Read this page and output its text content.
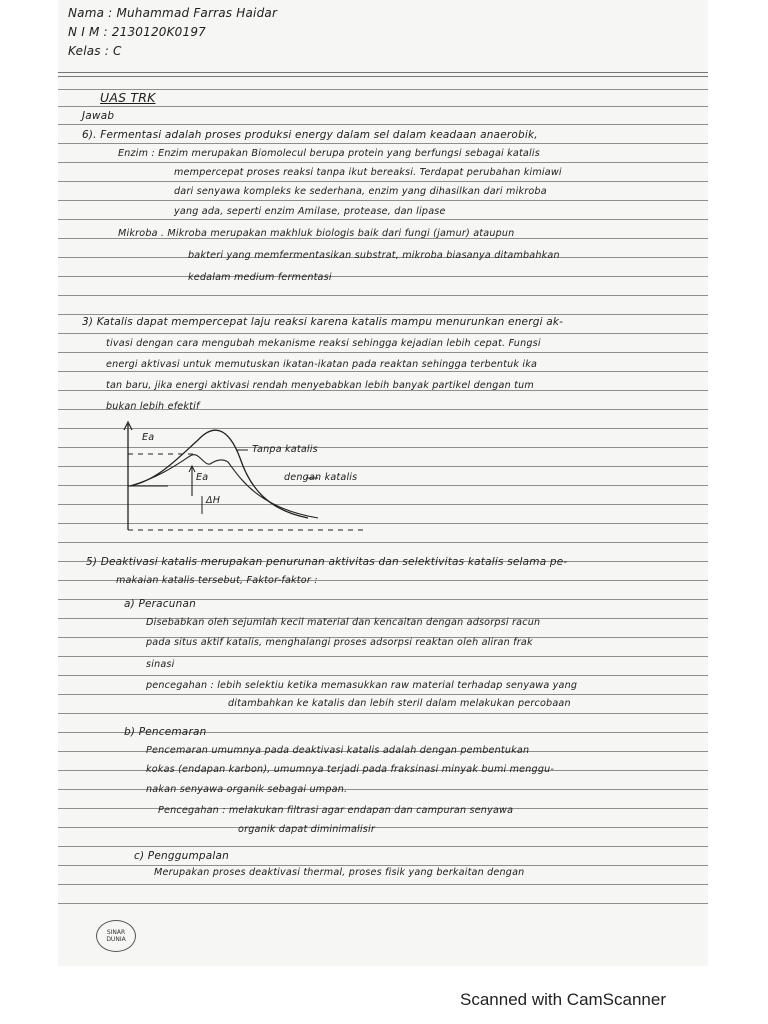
Nama : Muhammad Farras Haidar
N I M : 2130120K0197
Kelas : C
UAS TRK
Jawab
6). Fermentasi adalah proses produksi energy dalam sel dalam keadaan anaerobik,
Enzim : Enzim merupakan Biomolecul berupa protein yang berfungsi sebagai katalis
mempercepat proses reaksi tanpa ikut bereaksi. Terdapat perubahan kimiawi
dari senyawa kompleks ke sederhana, enzim yang dihasilkan dari mikroba
yang ada, seperti enzim Amilase, protease, dan lipase
Mikroba . Mikroba merupakan makhluk biologis baik dari fungi (jamur) ataupun
bakteri yang memfermentasikan substrat, mikroba biasanya ditambahkan
kedalam medium fermentasi
3) Katalis dapat mempercepat laju reaksi karena katalis mampu menurunkan energi ak-
tivasi dengan cara mengubah mekanisme reaksi sehingga kejadian lebih cepat. Fungsi
energi aktivasi untuk memutuskan ikatan-ikatan pada reaktan sehingga terbentuk ika
tan baru, jika energi aktivasi rendah menyebabkan lebih banyak partikel dengan tum
bukan lebih efektif
Ea
Ea
ΔH
Tanpa katalis
dengan katalis
5) Deaktivasi katalis merupakan penurunan aktivitas dan selektivitas katalis selama pe-
makaian katalis tersebut, Faktor-faktor :
a) Peracunan
Disebabkan oleh sejumlah kecil material dan kencaitan dengan adsorpsi racun
pada situs aktif katalis, menghalangi proses adsorpsi reaktan oleh aliran frak
sinasi
pencegahan : lebih selektiu ketika memasukkan raw material terhadap senyawa yang
ditambahkan ke katalis dan lebih steril dalam melakukan percobaan
b) Pencemaran
Pencemaran umumnya pada deaktivasi katalis adalah dengan pembentukan
kokas (endapan karbon), umumnya terjadi pada fraksinasi minyak bumi menggu-
nakan senyawa organik sebagai umpan.
Pencegahan : melakukan filtrasi agar endapan dan campuran senyawa
organik dapat diminimalisir
c) Penggumpalan
Merupakan proses deaktivasi thermal, proses fisik yang berkaitan dengan
SINAR
DUNIA
Scanned with CamScanner
